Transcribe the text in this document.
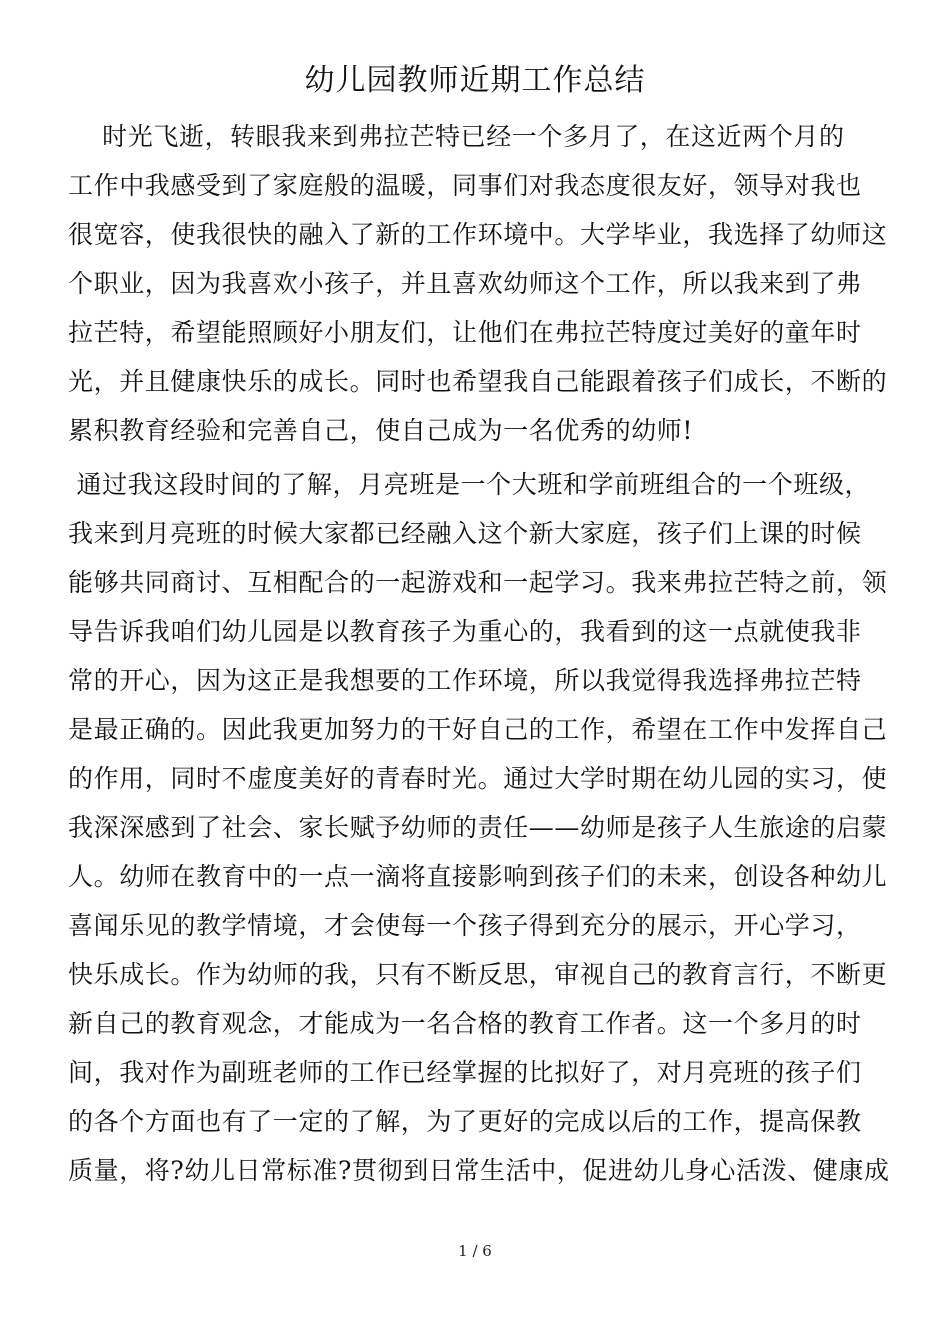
幼儿园教师近期工作总结

时光飞逝，转眼我来到弗拉芒特已经一个多月了，在这近两个月的

工作中我感受到了家庭般的温暖，同事们对我态度很友好，领导对我也

很宽容，使我很快的融入了新的工作环境中。大学毕业，我选择了幼师这

个职业，因为我喜欢小孩子，并且喜欢幼师这个工作，所以我来到了弗

拉芒特，希望能照顾好小朋友们，让他们在弗拉芒特度过美好的童年时

光，并且健康快乐的成长。同时也希望我自己能跟着孩子们成长，不断的

累积教育经验和完善自己，使自己成为一名优秀的幼师!

通过我这段时间的了解，月亮班是一个大班和学前班组合的一个班级，

我来到月亮班的时候大家都已经融入这个新大家庭，孩子们上课的时候

能够共同商讨、互相配合的一起游戏和一起学习。我来弗拉芒特之前，领

导告诉我咱们幼儿园是以教育孩子为重心的，我看到的这一点就使我非

常的开心，因为这正是我想要的工作环境，所以我觉得我选择弗拉芒特

是最正确的。因此我更加努力的干好自己的工作，希望在工作中发挥自己

的作用，同时不虚度美好的青春时光。通过大学时期在幼儿园的实习，使

我深深感到了社会、家长赋予幼师的责任——幼师是孩子人生旅途的启蒙

人。幼师在教育中的一点一滴将直接影响到孩子们的未来，创设各种幼儿

喜闻乐见的教学情境，才会使每一个孩子得到充分的展示，开心学习，

快乐成长。作为幼师的我，只有不断反思，审视自己的教育言行，不断更

新自己的教育观念，才能成为一名合格的教育工作者。这一个多月的时

间，我对作为副班老师的工作已经掌握的比拟好了，对月亮班的孩子们

的各个方面也有了一定的了解，为了更好的完成以后的工作，提高保教

质量，将?幼儿日常标准?贯彻到日常生活中，促进幼儿身心活泼、健康成

1 / 6
